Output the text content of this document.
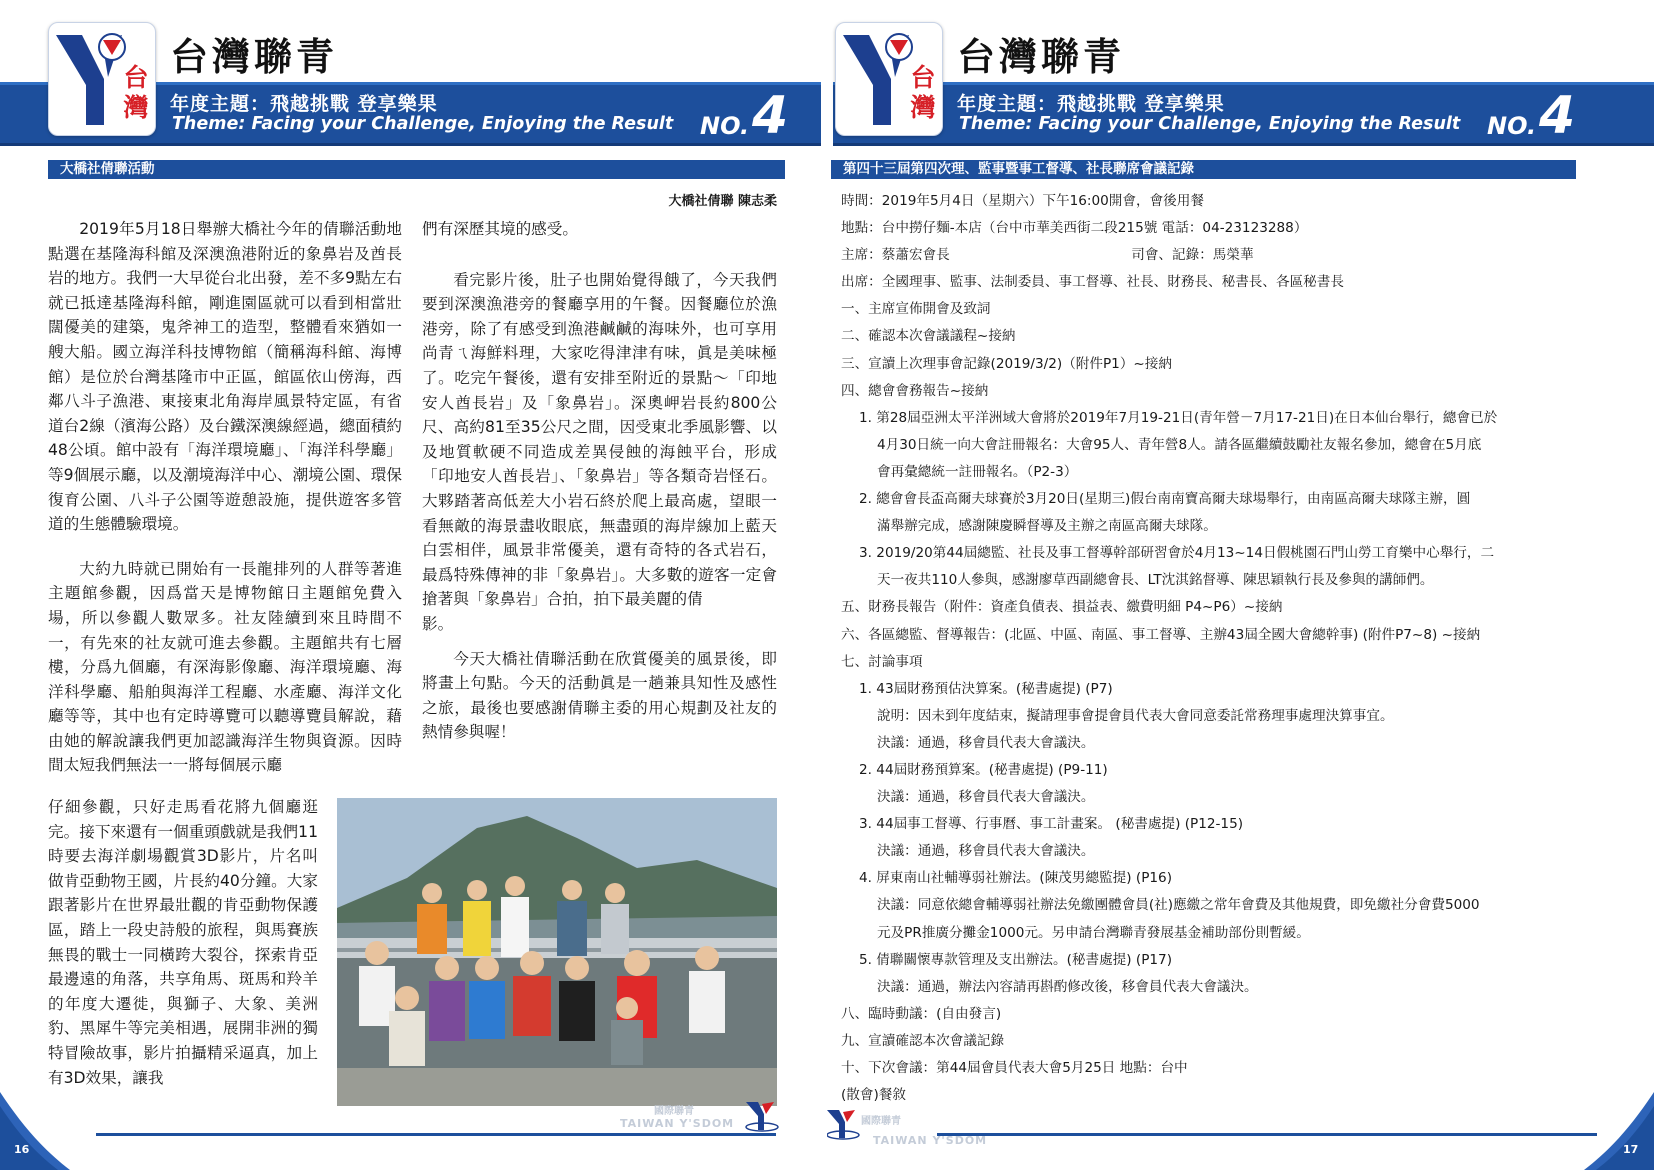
台灣
台灣聯青
年度主題：飛越挑戰 登享樂果
Theme: Facing your Challenge, Enjoying the Result NO. 4
大橋社倩聯活動
大橋社倩聯 陳志柔

2019年5月18日舉辦大橋社今年的倩聯活動地點選在基隆海科館及深澳漁港附近的象鼻岩及酋長岩的地方。我們一大早從台北出發，差不多9點左右就已抵達基隆海科館，剛進園區就可以看到相當壯闊優美的建築，鬼斧神工的造型，整體看來猶如一艘大船。國立海洋科技博物館（簡稱海科館、海博館）是位於台灣基隆市中正區，館區依山傍海，西鄰八斗子漁港、東接東北角海岸風景特定區，有省道台2線（濱海公路）及台鐵深澳線經過，總面積約48公頃。館中設有「海洋環境廳」、「海洋科學廳」等9個展示廳，以及潮境海洋中心、潮境公園、環保復育公園、八斗子公園等遊憩設施，提供遊客多管道的生態體驗環境。

大約九時就已開始有一長龍排列的人群等著進主題館參觀，因爲當天是博物館日主題館免費入場，所以參觀人數眾多。社友陸續到來且時間不一，有先來的社友就可進去參觀。主題館共有七層樓，分爲九個廳，有深海影像廳、海洋環境廳、海洋科學廳、船舶與海洋工程廳、水產廳、海洋文化廳等等，其中也有定時導覽可以聽導覽員解說，藉由她的解說讓我們更加認識海洋生物與資源。因時間太短我們無法一一將每個展示廳

仔細參觀，只好走馬看花將九個廳逛完。接下來還有一個重頭戲就是我們11時要去海洋劇場觀賞3D影片，片名叫做肯亞動物王國，片長約40分鐘。大家跟著影片在世界最壯觀的肯亞動物保護區，踏上一段史詩般的旅程，與馬賽族無畏的戰士一同橫跨大裂谷，探索肯亞最邊遠的角落，共享角馬、斑馬和羚羊的年度大遷徙，與獅子、大象、美洲豹、黑犀牛等完美相遇，展開非洲的獨特冒險故事，影片拍攝精采逼真，加上有3D效果，讓我

們有深歷其境的感受。

看完影片後，肚子也開始覺得餓了，今天我們要到深澳漁港旁的餐廳享用的午餐。因餐廳位於漁港旁，除了有感受到漁港鹹鹹的海味外，也可享用尚青ㄟ海鮮料理，大家吃得津津有味，眞是美味極了。吃完午餐後，還有安排至附近的景點～「印地安人酋長岩」及「象鼻岩」。深奧岬岩長約800公尺、高約81至35公尺之間，因受東北季風影響、以及地質軟硬不同造成差異侵蝕的海蝕平台，形成「印地安人酋長岩」、「象鼻岩」等各類奇岩怪石。大夥踏著高低差大小岩石終於爬上最高處，望眼一看無敵的海景盡收眼底，無盡頭的海岸線加上藍天白雲相伴，風景非常優美，還有奇特的各式岩石，最爲特殊傳神的非「象鼻岩」。大多數的遊客一定會搶著與「象鼻岩」合拍，拍下最美麗的倩

影。

今天大橋社倩聯活動在欣賞優美的風景後，即將畫上句點。今天的活動眞是一趟兼具知性及感性之旅，最後也要感謝倩聯主委的用心規劃及社友的熱情參與喔！

國際聯青
TAIWAN Y'SDOM
16
台灣
台灣聯青
年度主題：飛越挑戰 登享樂果
Theme: Facing your Challenge, Enjoying the Result NO. 4
第四十三屆第四次理、監事暨事工督導、社長聯席會議記錄
時間：2019年5月4日（星期六）下午16:00開會，會後用餐
地點：台中撈仔麵-本店（台中市華美西街二段215號 電話：04-23123288）
主席：蔡蕭宏會長                                          司會、記錄：馬榮華
出席：全國理事、監事、法制委員、事工督導、社長、財務長、秘書長、各區秘書長
一、主席宣佈開會及致詞
二、確認本次會議議程~接納
三、宣讀上次理事會記錄(2019/3/2)（附件P1）~接納
四、總會會務報告~接納
1. 第28屆亞洲太平洋洲域大會將於2019年7月19-21日(青年營－7月17-21日)在日本仙台舉行，總會已於
4月30日統一向大會註冊報名：大會95人、青年營8人。請各區繼續鼓勵社友報名參加，總會在5月底
會再彙總統一註冊報名。（P2-3）
2. 總會會長盃高爾夫球賽於3月20日(星期三)假台南南寶高爾夫球場舉行，由南區高爾夫球隊主辦，圓
滿舉辦完成，感謝陳慶瞬督導及主辦之南區高爾夫球隊。
3. 2019/20第44屆總監、社長及事工督導幹部研習會於4月13~14日假桃園石門山勞工育樂中心舉行，二
天一夜共110人參與，感謝廖草西副總會長、LT沈淇銘督導、陳思穎執行長及參與的講師們。
五、財務長報告（附件：資產負債表、損益表、繳費明細 P4~P6）~接納
六、各區總監、督導報告：(北區、中區、南區、事工督導、主辦43屆全國大會總幹事) (附件P7~8) ~接納
七、討論事項
1. 43屆財務預估決算案。(秘書處提) (P7)
說明：因未到年度結束，擬請理事會提會員代表大會同意委託常務理事處理決算事宜。
決議：通過，移會員代表大會議決。
2. 44屆財務預算案。(秘書處提) (P9-11)
決議：通過，移會員代表大會議決。
3. 44屆事工督導、行事曆、事工計畫案。 (秘書處提) (P12-15)
決議：通過，移會員代表大會議決。
4. 屏東南山社輔導弱社辦法。(陳茂男總監提) (P16)
決議：同意依總會輔導弱社辦法免繳團體會員(社)應繳之常年會費及其他規費，即免繳社分會費5000
元及PR推廣分攤金1000元。另申請台灣聯青發展基金補助部份則暫緩。
5. 倩聯關懷專款管理及支出辦法。(秘書處提) (P17)
決議：通過，辦法內容請再斟酌修改後，移會員代表大會議決。
八、臨時動議：(自由發言)
九、宣讀確認本次會議記錄
十、下次會議：第44屆會員代表大會5月25日 地點：台中
(散會)餐敘
國際聯青
TAIWAN Y'SDOM
17
